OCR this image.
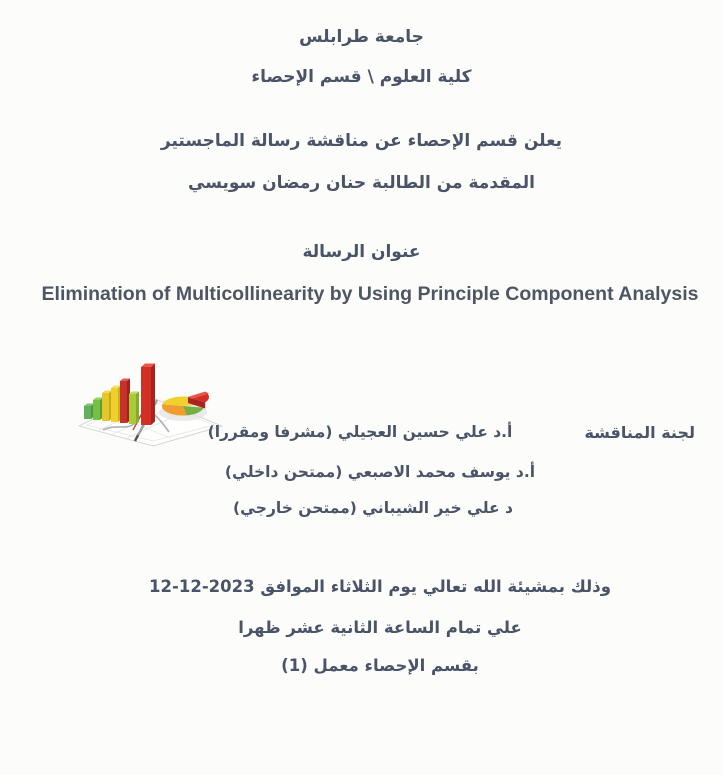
جامعة طرابلس
كلية العلوم \ قسم الإحصاء
يعلن قسم الإحصاء عن مناقشة رسالة الماجستير
المقدمة من الطالبة حنان رمضان سويسي
عنوان الرسالة
Elimination of Multicollinearity by Using Principle Component Analysis
أ.د علي حسين العجيلي (مشرفا ومقررا)	لجنة المناقشة
أ.د يوسف محمد الاصبعي (ممتحن داخلي)
د علي خير الشيباني (ممتحن خارجي)
وذلك بمشيئة الله تعالي يوم الثلاثاء الموافق 2023-12-12
علي تمام الساعة الثانية عشر ظهرا
بقسم الإحصاء معمل (1)
